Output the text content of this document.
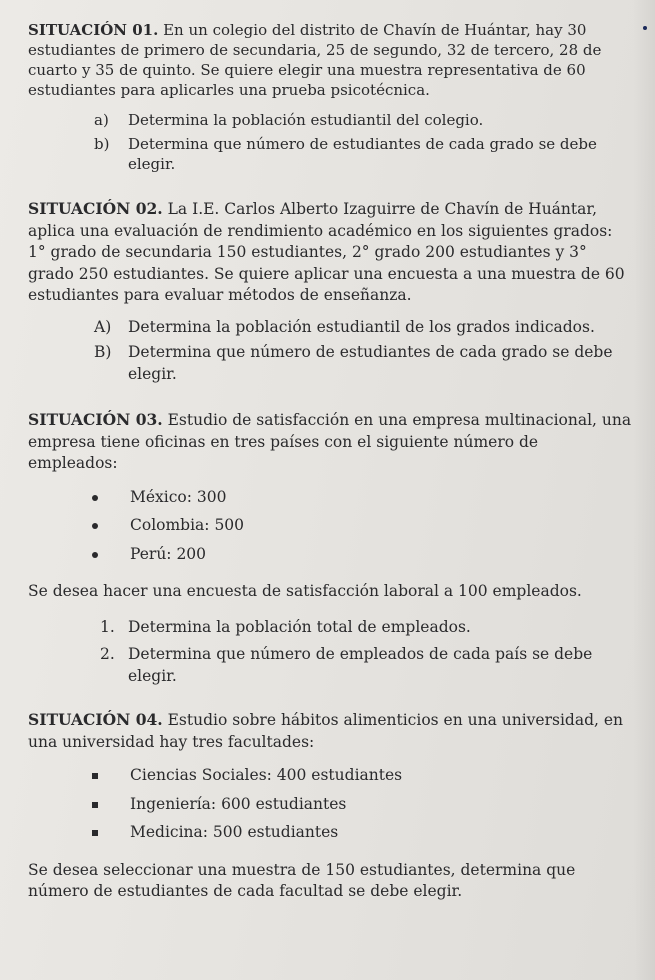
SITUACIÓN 01. En un colegio del distrito de Chavín de Huántar, hay 30 estudiantes de primero de secundaria, 25 de segundo, 32 de tercero, 28 de cuarto y 35 de quinto. Se quiere elegir una muestra representativa de 60 estudiantes para aplicarles una prueba psicotécnica.

a) Determina la población estudiantil del colegio.
b) Determina que número de estudiantes de cada grado se debe elegir.

SITUACIÓN 02. La I.E. Carlos Alberto Izaguirre de Chavín de Huántar, aplica una evaluación de rendimiento académico en los siguientes grados: 1° grado de secundaria 150 estudiantes, 2° grado 200 estudiantes y 3° grado 250 estudiantes. Se quiere aplicar una encuesta a una muestra de 60 estudiantes para evaluar métodos de enseñanza.

A) Determina la población estudiantil de los grados indicados.
B) Determina que número de estudiantes de cada grado se debe elegir.

SITUACIÓN 03. Estudio de satisfacción en una empresa multinacional, una empresa tiene oficinas en tres países con el siguiente número de empleados:

México: 300
Colombia: 500
Perú: 200

Se desea hacer una encuesta de satisfacción laboral a 100 empleados.

1. Determina la población total de empleados.
2. Determina que número de empleados de cada país se debe elegir.

SITUACIÓN 04. Estudio sobre hábitos alimenticios en una universidad, en una universidad hay tres facultades:

Ciencias Sociales: 400 estudiantes
Ingeniería: 600 estudiantes
Medicina: 500 estudiantes

Se desea seleccionar una muestra de 150 estudiantes, determina que número de estudiantes de cada facultad se debe elegir.
